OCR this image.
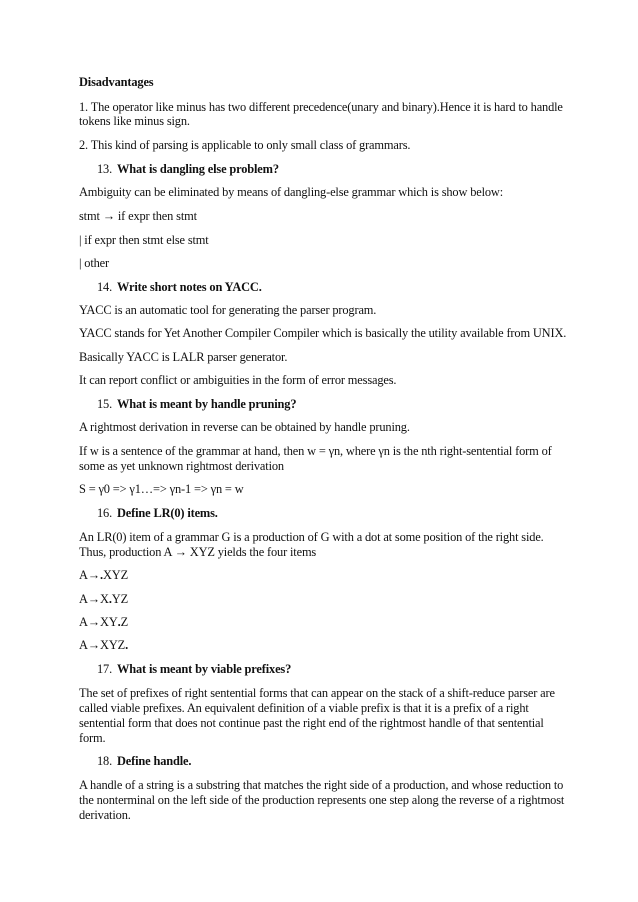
Disadvantages
1. The operator like minus has two different precedence(unary and binary).Hence it is hard to handle
tokens like minus sign.
2. This kind of parsing is applicable to only small class of grammars.
13. What is dangling else problem?
Ambiguity can be eliminated by means of dangling-else grammar which is show below:
stmt → if expr then stmt
| if expr then stmt else stmt
| other
14. Write short notes on YACC.
YACC is an automatic tool for generating the parser program.
YACC stands for Yet Another Compiler Compiler which is basically the utility available from UNIX.
Basically YACC is LALR parser generator.
It can report conflict or ambiguities in the form of error messages.
15. What is meant by handle pruning?
A rightmost derivation in reverse can be obtained by handle pruning.
If w is a sentence of the grammar at hand, then w = γn, where γn is the nth right-sentential form of
some as yet unknown rightmost derivation
S = γ0 => γ1…=> γn-1 => γn = w
16. Define LR(0) items.
An LR(0) item of a grammar G is a production of G with a dot at some position of the right side.
Thus, production A → XYZ yields the four items
A→.XYZ
A→X.YZ
A→XY.Z
A→XYZ.
17. What is meant by viable prefixes?
The set of prefixes of right sentential forms that can appear on the stack of a shift-reduce parser are
called viable prefixes. An equivalent definition of a viable prefix is that it is a prefix of a right
sentential form that does not continue past the right end of the rightmost handle of that sentential
form.
18. Define handle.
A handle of a string is a substring that matches the right side of a production, and whose reduction to
the nonterminal on the left side of the production represents one step along the reverse of a rightmost
derivation.
